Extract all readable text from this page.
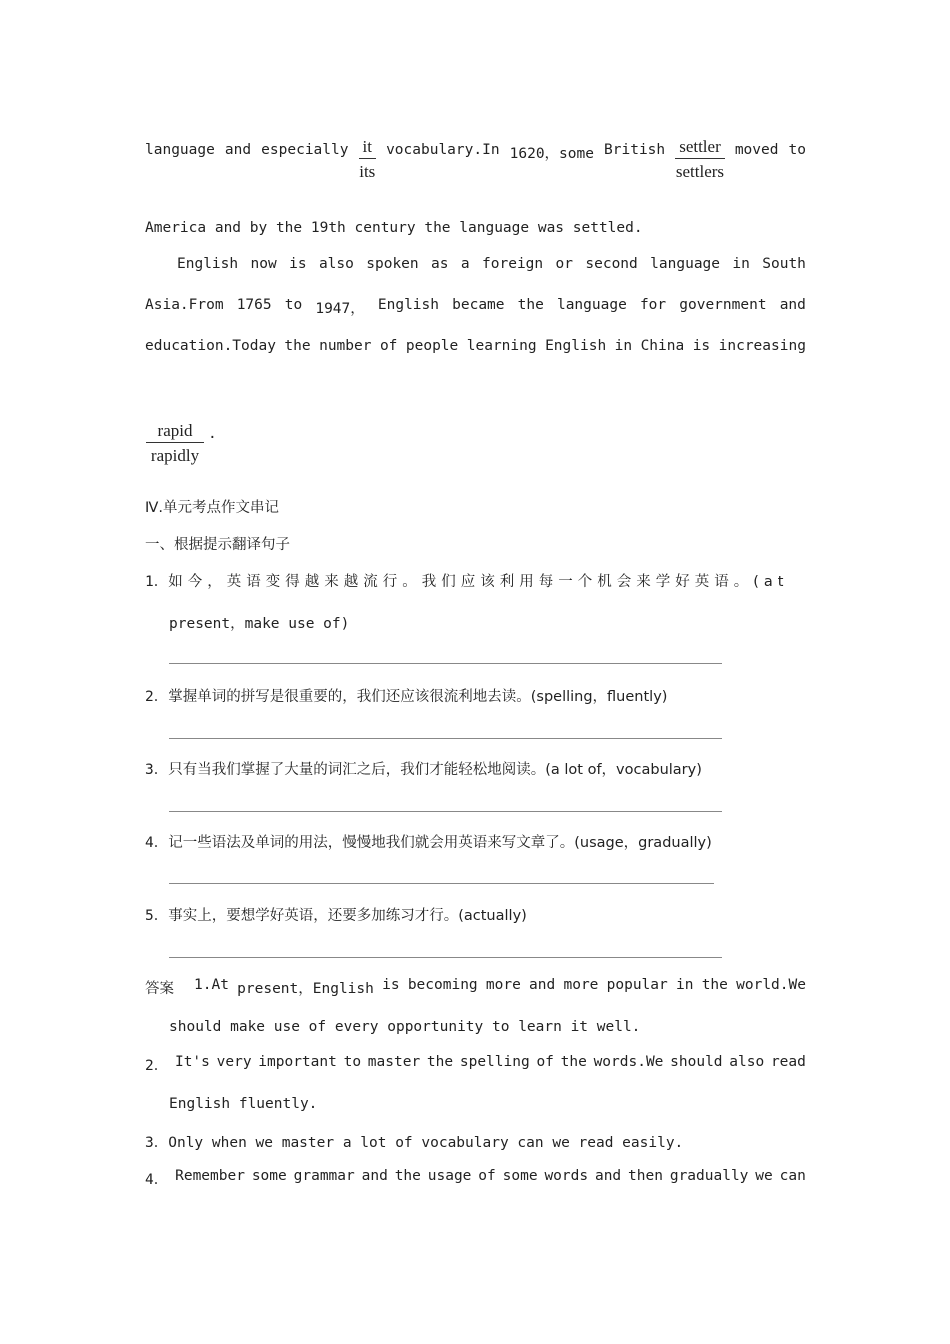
language and especially it
its
vocabulary.In 1620，some British settler
settlers
moved to
America and by the 19th century the language was settled.
English now is also spoken as a foreign or second language in South
Asia.From 1765 to 1947， English became the language for government and
education.Today the number of people learning English in China is increasing
rapid
rapidly
.
Ⅳ.单元考点作文串记
一、根据提示翻译句子
1． 如今，英语变得越来越流行。我们应该利用每一个机会来学好英语。(at
present，make use of)
2．掌握单词的拼写是很重要的，我们还应该很流利地去读。(spelling，fluently)
3．只有当我们掌握了大量的词汇之后，我们才能轻松地阅读。(a lot of，vocabulary)
4．记一些语法及单词的用法，慢慢地我们就会用英语来写文章了。(usage，gradually)
5．事实上，要想学好英语，还要多加练习才行。(actually)
答案 1.At present，English is becoming more and more popular in the world.We
should make use of every opportunity to learn it well.
2． It's very important to master the spelling of the words.We should also read
English fluently.
3．Only when we master a lot of vocabulary can we read easily.
4． Remember some grammar and the usage of some words and then gradually we can
